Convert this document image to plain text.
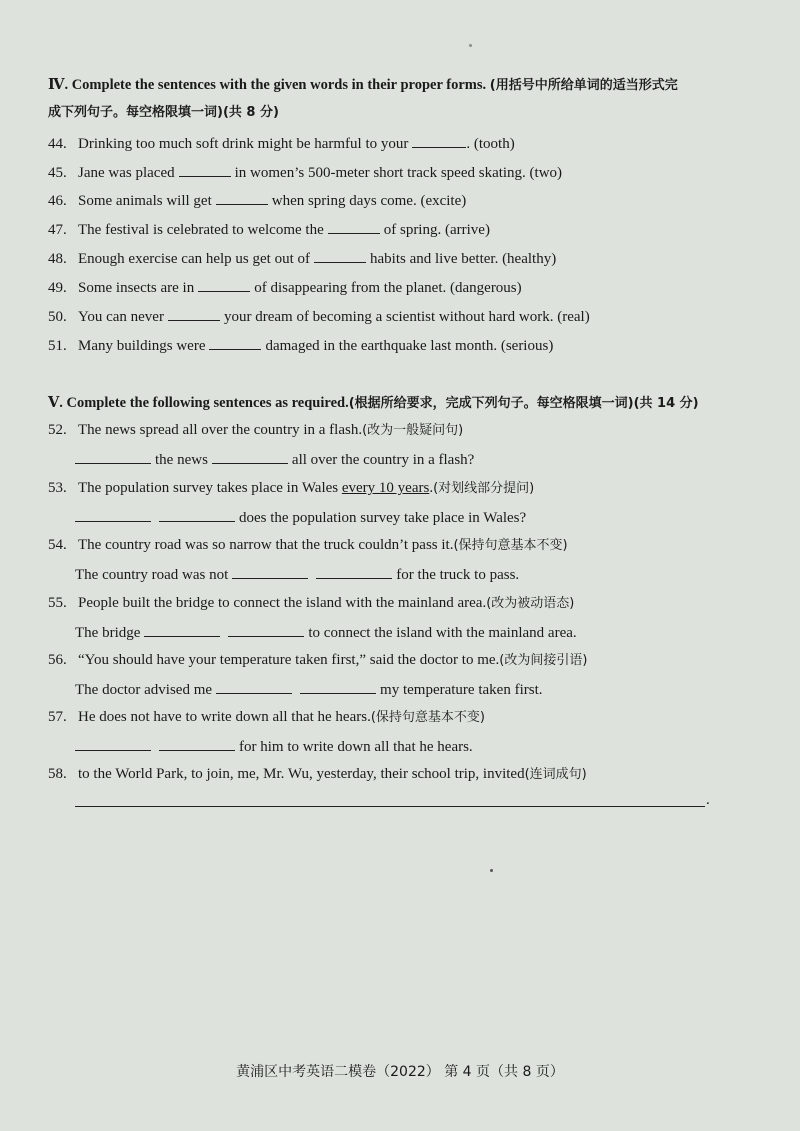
Ⅳ. Complete the sentences with the given words in their proper forms. (用括号中所给单词的适当形式完
成下列句子。每空格限填一词)(共 8 分)
44. Drinking too much soft drink might be harmful to your	. (tooth)
45. Jane was placed	in women’s 500-meter short track speed skating. (two)
46. Some animals will get	when spring days come. (excite)
47. The festival is celebrated to welcome the	of spring. (arrive)
48. Enough exercise can help us get out of	habits and live better. (healthy)
49. Some insects are in	of disappearing from the planet. (dangerous)
50. You can never	your dream of becoming a scientist without hard work. (real)
51. Many buildings were	damaged in the earthquake last month. (serious)
Ⅴ. Complete the following sentences as required.(根据所给要求，完成下列句子。每空格限填一词)(共 14 分)
52. The news spread all over the country in a flash.(改为一般疑问句)
the news	all over the country in a flash?
53. The population survey takes place in Wales every 10 years.(对划线部分提问)
does the population survey take place in Wales?
54. The country road was so narrow that the truck couldn’t pass it.(保持句意基本不变)
The country road was not	for the truck to pass.
55. People built the bridge to connect the island with the mainland area.(改为被动语态)
The bridge	to connect the island with the mainland area.
56. “You should have your temperature taken first,” said the doctor to me.(改为间接引语)
The doctor advised me	my temperature taken first.
57. He does not have to write down all that he hears.(保持句意基本不变)
for him to write down all that he hears.
58. to the World Park, to join, me, Mr. Wu, yesterday, their school trip, invited(连词成句)
.
黄浦区中考英语二模卷（2022） 第 4 页（共 8 页）
